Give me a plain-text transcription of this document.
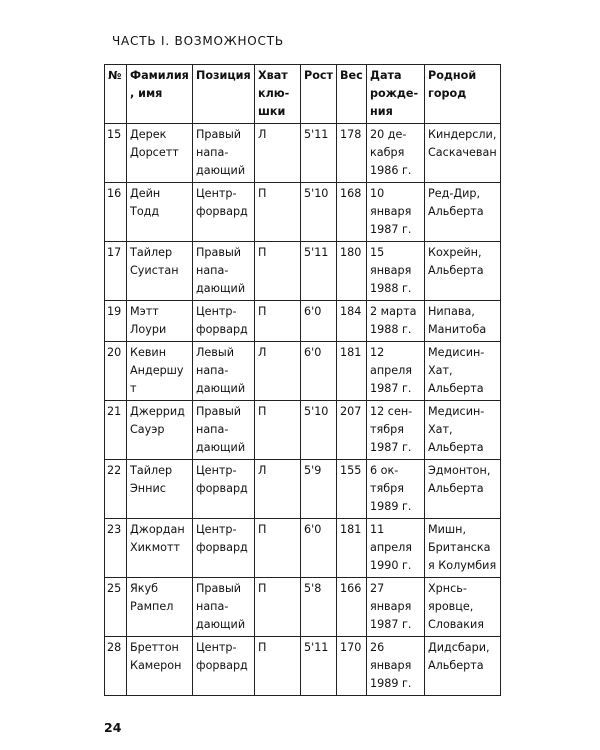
ЧАСТЬ I. ВОЗМОЖНОСТЬ
№	Фамилия, имя	Позиция	Хват клю-шки	Рост	Вес	Дата рожде-ния	Родной город
15	Дерек Дорсетт	Правый напа-дающий	Л	5'11	178	20 де-кабря 1986 г.	Киндерсли, Саскачеван
16	Дейн Тодд	Центр-форвард	П	5'10	168	10 января 1987 г.	Ред-Дир, Альберта
17	Тайлер Суистан	Правый напа-дающий	П	5'11	180	15 января 1988 г.	Кохрейн, Альберта
19	Мэтт Лоури	Центр-форвард	П	6'0	184	2 марта 1988 г.	Нипава, Манитоба
20	Кевин Андершут	Левый напа-дающий	Л	6'0	181	12 апреля 1987 г.	Медисин-Хат, Альберта
21	Джеррид Сауэр	Правый напа-дающий	П	5'10	207	12 сен-тября 1987 г.	Медисин-Хат, Альберта
22	Тайлер Эннис	Центр-форвард	Л	5'9	155	6 ок-тября 1989 г.	Эдмонтон, Альберта
23	Джордан Хикмотт	Центр-форвард	П	6'0	181	11 апреля 1990 г.	Мишн, Британская Колумбия
25	Якуб Рампел	Правый напа-дающий	П	5'8	166	27 января 1987 г.	Хрнсь-яровце, Словакия
28	Бреттон Камерон	Центр-форвард	П	5'11	170	26 января 1989 г.	Дидсбари, Альберта
24
